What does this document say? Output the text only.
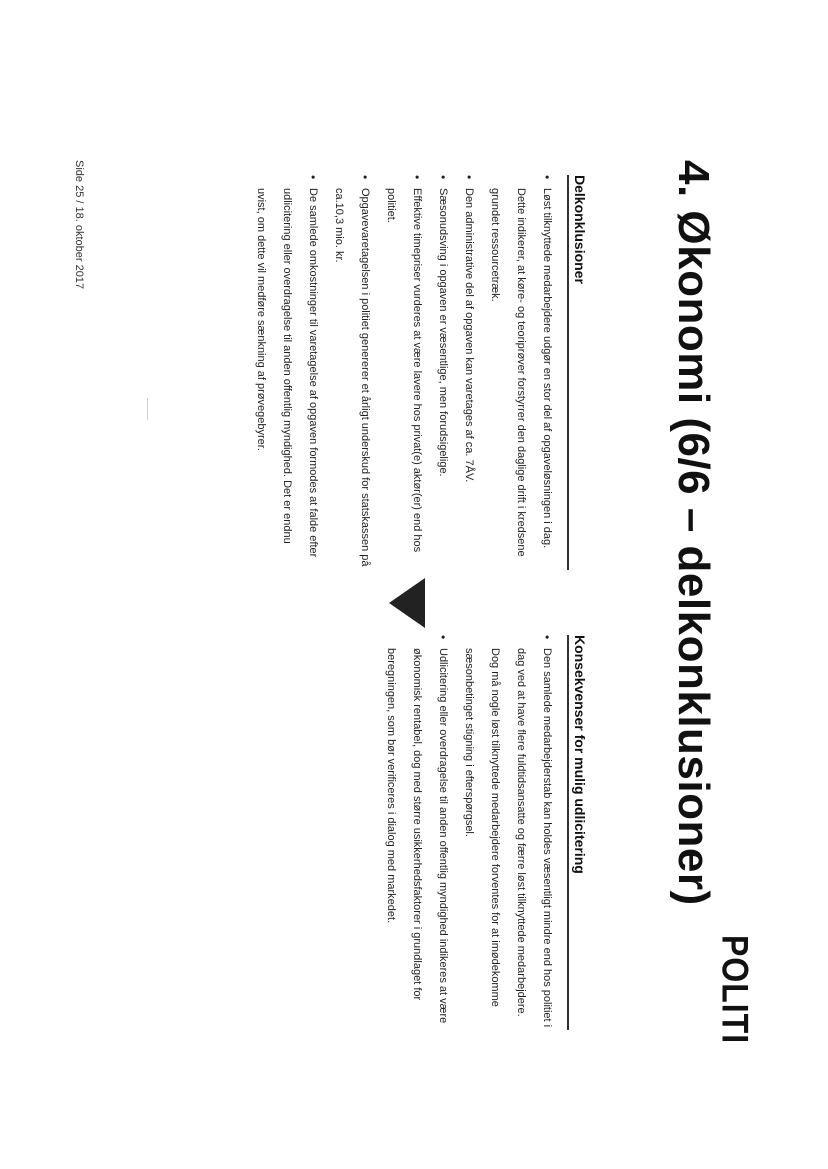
4. Økonomi (6/6 – delkonklusioner)
Delkonklusioner
• Løst tilknyttede medarbejdere udgør en stor del af opgaveløsningen i dag. Dette indikerer, at køre- og teoriprøver forstyrrer den daglige drift i kredsene grundet ressourcetræk.
• Den administrative del af opgaven kan varetages af ca. 7ÅV.
• Sæsonudsving i opgaven er væsentlige, men forudsigelige.
• Effektive timepriser vurderes at være lavere hos privat(e) aktør(er) end hos politiet.
• Opgavevaretagelsen i politiet genererer et årligt underskud for statskassen på ca.10,3 mio. kr.
• De samlede omkostninger til varetagelse af opgaven formodes at falde efter udlicitering eller overdragelse til anden offentlig myndighed. Det er endnu uvist, om dette vil medføre sænkning af prøvegebyrer.
Konsekvenser for mulig udlicitering
• Den samlede medarbejderstab kan holdes væsentligt mindre end hos politiet i dag ved at have flere fuldtidsansatte og færre løst tilknyttede medarbejdere. Dog må nogle løst tilknyttede medarbejdere forventes for at imødekomme sæsonbetinget stigning i efterspørgsel.
• Udlicitering eller overdragelse til anden offentlig myndighed indikeres at være økonomisk rentabel, dog med større usikkerhedsfaktorer i grundlaget for beregningen, som bør verificeres i dialog med markedet.
POLITI
Side 25 / 18. oktober 2017
